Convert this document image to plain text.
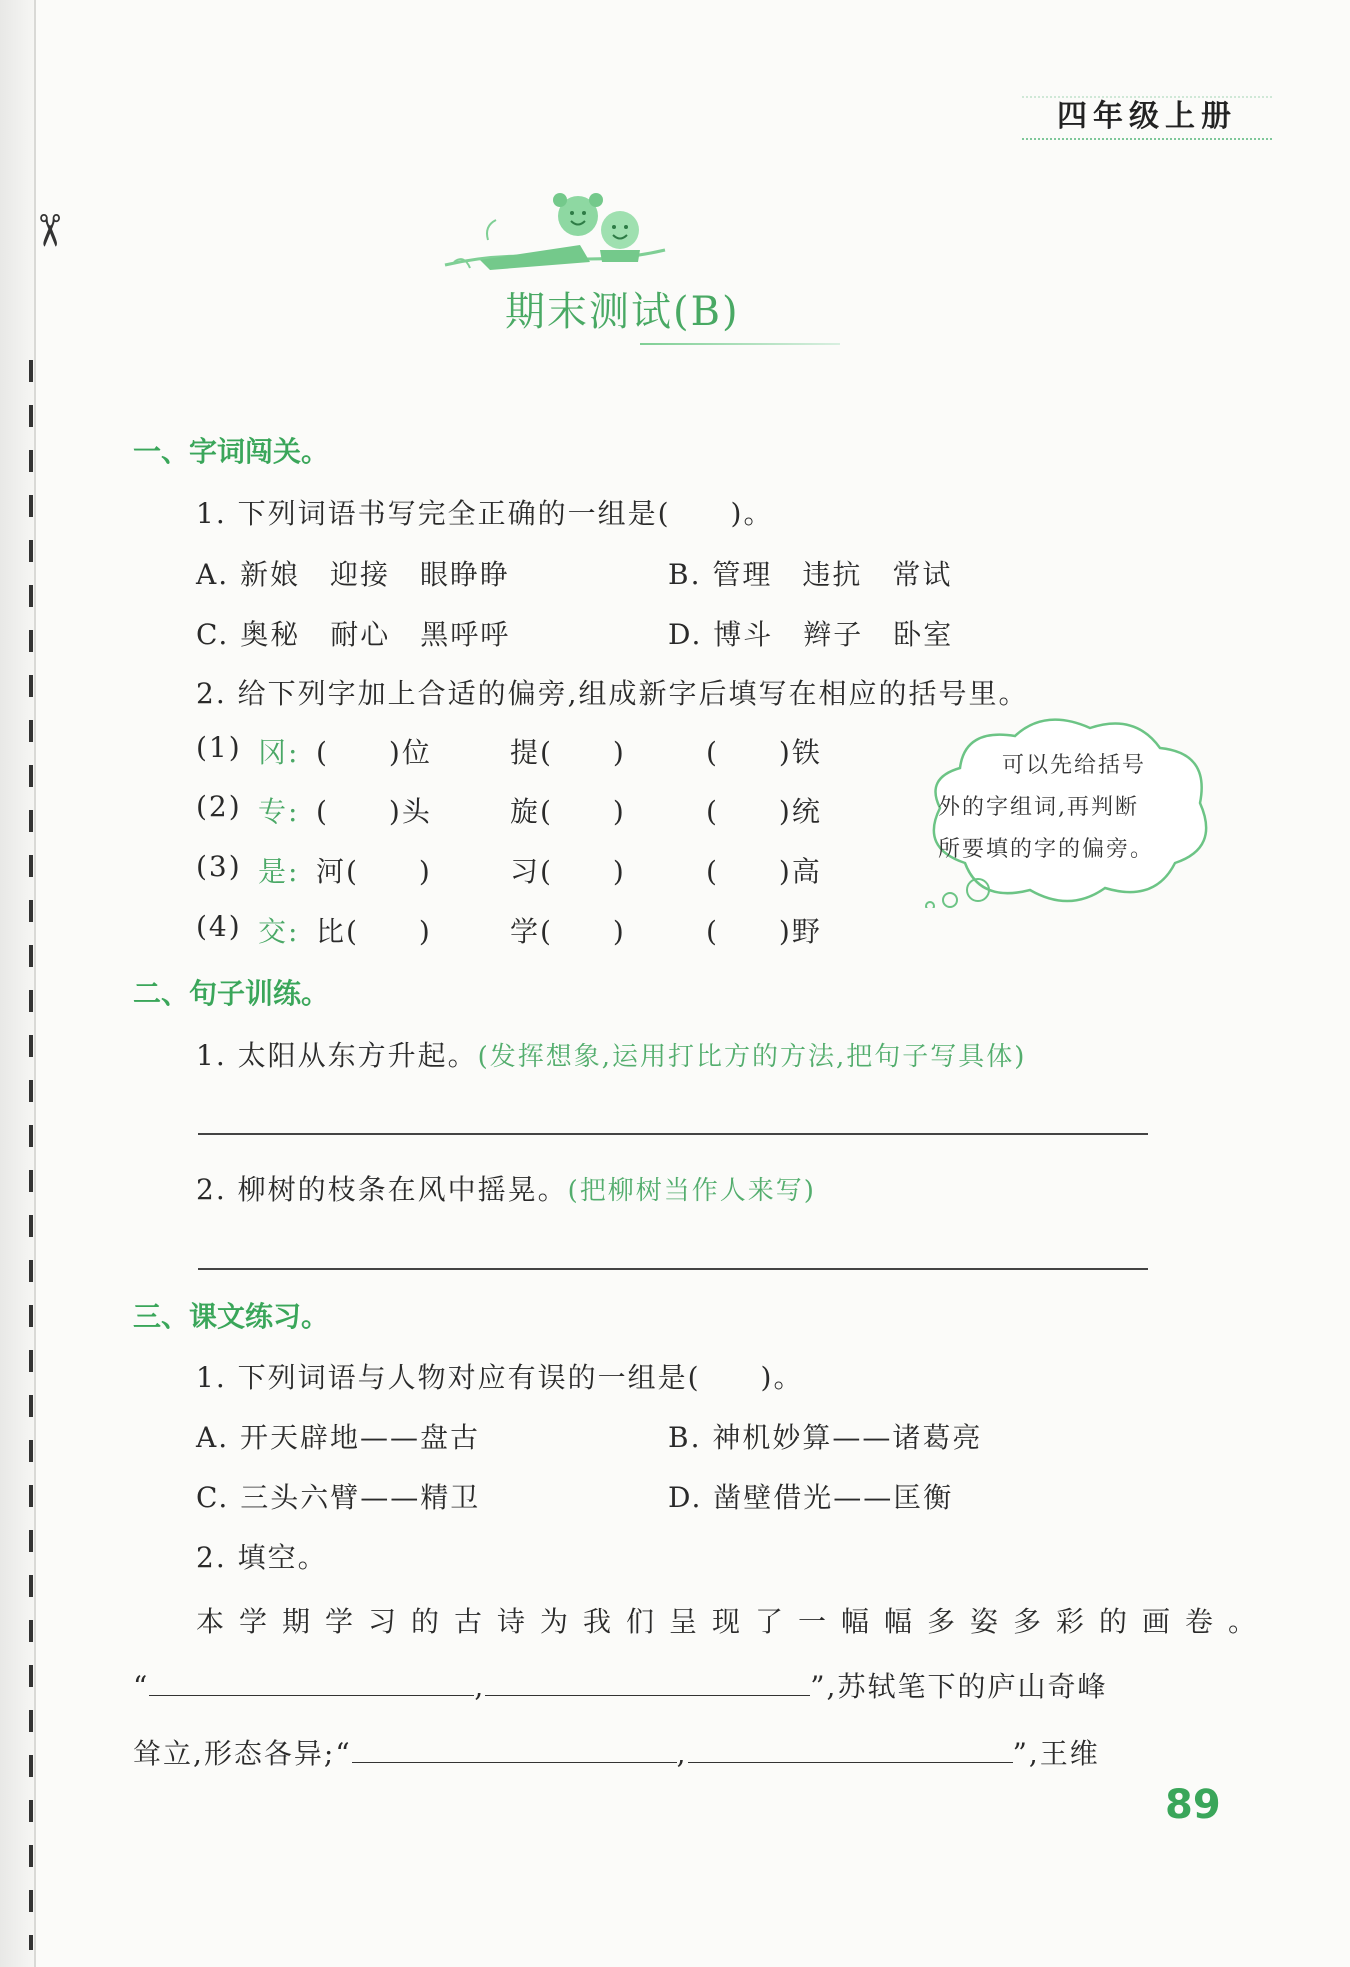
✂
四年级上册
期末测试(B)
一、字词闯关。
1. 下列词语书写完全正确的一组是(　　)。
A. 新娘　迎接　眼睁睁	B. 管理　违抗　常试
C. 奥秘　耐心　黑呼呼	D. 博斗　辫子　卧室
2. 给下列字加上合适的偏旁,组成新字后填写在相应的括号里。
(1) 冈: (　　)位	提(　　)	(　　)铁
(2) 专: (　　)头	旋(　　)	(　　)统
(3) 是: 河(　　)	习(　　)	(　　)高
(4) 交: 比(　　)	学(　　)	(　　)野
可以先给括号
外的字组词,再判断
所要填的字的偏旁。
二、句子训练。
1. 太阳从东方升起。(发挥想象,运用打比方的方法,把句子写具体)
2. 柳树的枝条在风中摇晃。(把柳树当作人来写)
三、课文练习。
1. 下列词语与人物对应有误的一组是(　　)。
A. 开天辟地——盘古	B. 神机妙算——诸葛亮
C. 三头六臂——精卫	D. 凿壁借光——匡衡
2. 填空。
本学期学习的古诗为我们呈现了一幅幅多姿多彩的画卷。
“	,	”,苏轼笔下的庐山奇峰
耸立,形态各异;“	,	”,王维
89
